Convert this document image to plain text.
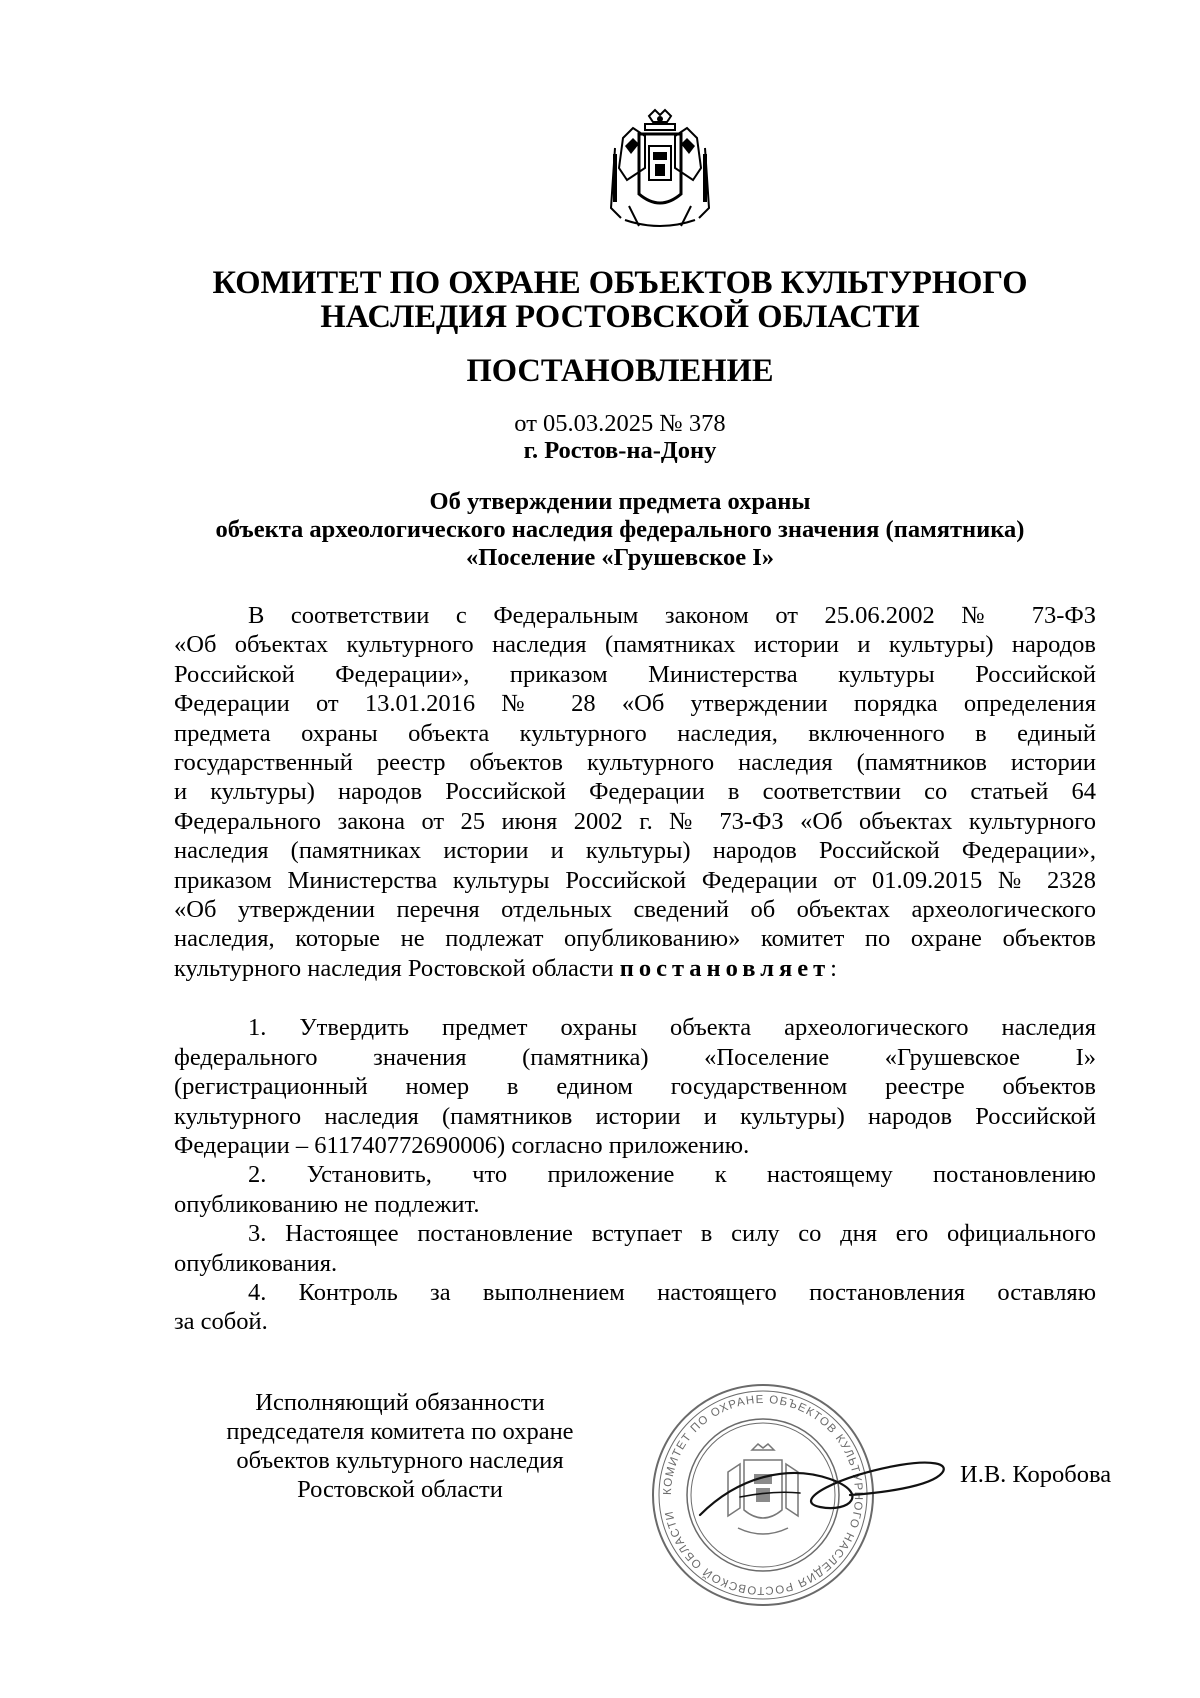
КОМИТЕТ ПО ОХРАНЕ ОБЪЕКТОВ КУЛЬТУРНОГО
НАСЛЕДИЯ РОСТОВСКОЙ ОБЛАСТИ
ПОСТАНОВЛЕНИЕ
от 05.03.2025 № 378
г. Ростов-на-Дону
Об утверждении предмета охраны
объекта археологического наследия федерального значения (памятника)
«Поселение «Грушевское I»
В соответствии с Федеральным законом от 25.06.2002 № 73-ФЗ
«Об объектах культурного наследия (памятниках истории и культуры) народов
Российской Федерации», приказом Министерства культуры Российской
Федерации от 13.01.2016 № 28 «Об утверждении порядка определения
предмета охраны объекта культурного наследия, включенного в единый
государственный реестр объектов культурного наследия (памятников истории
и культуры) народов Российской Федерации в соответствии со статьей 64
Федерального закона от 25 июня 2002 г. № 73-ФЗ «Об объектах культурного
наследия (памятниках истории и культуры) народов Российской Федерации»,
приказом Министерства культуры Российской Федерации от 01.09.2015 № 2328
«Об утверждении перечня отдельных сведений об объектах археологического
наследия, которые не подлежат опубликованию» комитет по охране объектов
культурного наследия Ростовской области постановляет:
1. Утвердить предмет охраны объекта археологического наследия
федерального значения (памятника) «Поселение «Грушевское I»
(регистрационный номер в едином государственном реестре объектов
культурного наследия (памятников истории и культуры) народов Российской
Федерации – 611740772690006) согласно приложению.
2. Установить, что приложение к настоящему постановлению
опубликованию не подлежит.
3. Настоящее постановление вступает в силу со дня его официального
опубликования.
4. Контроль за выполнением настоящего постановления оставляю
за собой.
Исполняющий обязанности
председателя комитета по охране
объектов культурного наследия
Ростовской области	КОМИТЕТ ПО ОХРАНЕ ОБЪЕКТОВ КУЛЬТУРНОГО НАСЛЕДИЯ РОСТОВСКОЙ ОБЛАСТИ
И.В. Коробова
